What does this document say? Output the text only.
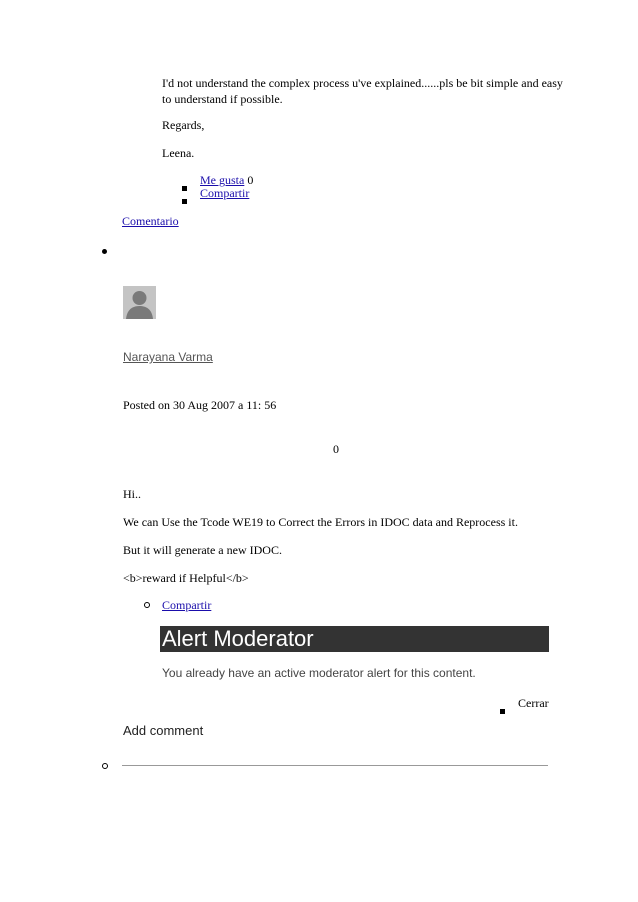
I'd not understand the complex process u've explained......pls be bit simple and easy
to understand if possible.
Regards,
Leena.
Me gusta 0
Compartir
Comentario
Narayana Varma
Posted on 30 Aug 2007 a 11: 56
0
Hi..
We can Use the Tcode WE19 to Correct the Errors in IDOC data and Reprocess it.
But it will generate a new IDOC.
<b>reward if Helpful</b>
Compartir
Alert Moderator
You already have an active moderator alert for this content.
Cerrar
Add comment
